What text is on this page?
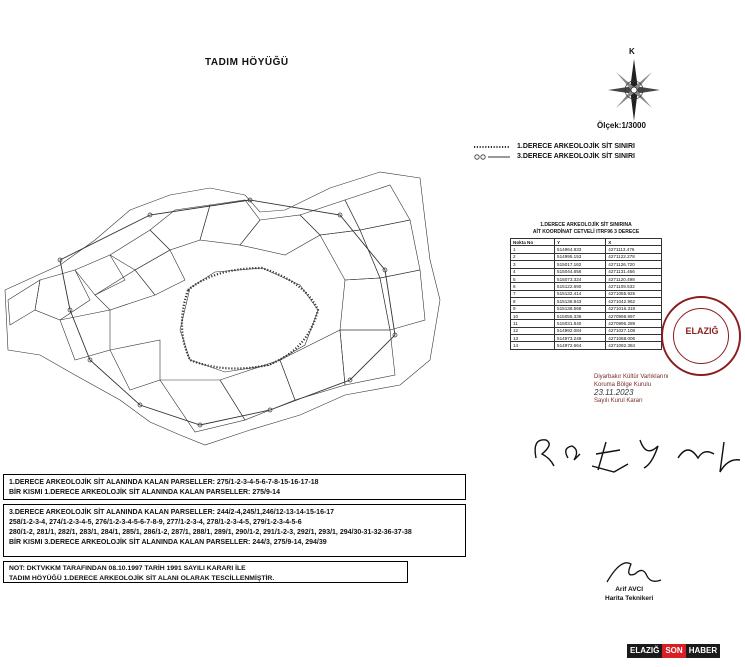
TADIM HÖYÜĞÜ
K
Ölçek:1/3000
1.DERECE ARKEOLOJİK SİT SINIRI
3.DERECE ARKEOLOJİK SİT SINIRI
1.DERECE ARKEOLOJİK SİT SINIRINA
AİT KOORDİNAT CETVELİ ITRF96 3 DERECE
Nokta No	Y	X
1	514964.833	4271113.476
2	514995.153	4271122.278
3	515017.162	4271126.720
4	515044.656	4271131.466
5	515073.324	4271120.498
6	515122.690	4271109.532
7	515132.414	4271055.925
8	515136.843	4271042.962
9	515138.568	4271016.318
10	515055.335	4270998.897
11	515031.840	4270996.289
12	514992.084	4271027.108
13	514973.249	4271068.006
14	514972.664	4271092.384
ELAZIĞ
Diyarbakır Kültür Varlıklarını
Koruma Bölge Kurulu
23.11.2023
Sayılı Kurul Kararı
1.DERECE ARKEOLOJİK SİT ALANINDA KALAN PARSELLER: 275/1-2-3-4-5-6-7-8-15-16-17-18
BİR KISMI 1.DERECE ARKEOLOJİK SİT ALANINDA KALAN PARSELLER: 275/9-14
3.DERECE ARKEOLOJİK SİT ALANINDA KALAN PARSELLER: 244/2-4,245/1,246/12-13-14-15-16-17
258/1-2-3-4, 274/1-2-3-4-5, 276/1-2-3-4-5-6-7-8-9, 277/1-2-3-4, 278/1-2-3-4-5, 279/1-2-3-4-5-6
280/1-2, 281/1, 282/1, 283/1, 284/1, 285/1, 286/1-2, 287/1, 288/1, 289/1, 290/1-2, 291/1-2-3, 292/1, 293/1, 294/30-31-32-36-37-38
BİR KISMI 3.DERECE ARKEOLOJİK SİT ALANINDA KALAN PARSELLER: 244/3, 275/9-14, 294/39
NOT: DKTVKKM TARAFINDAN 08.10.1997 TARİH 1991 SAYILI KARARI İLE
TADIM HÖYÜĞÜ 1.DERECE ARKEOLOJİK SİT ALANI OLARAK TESCİLLENMİŞTİR.
Arif AVCI
Harita Teknikeri
ELAZIĞ SON HABER
